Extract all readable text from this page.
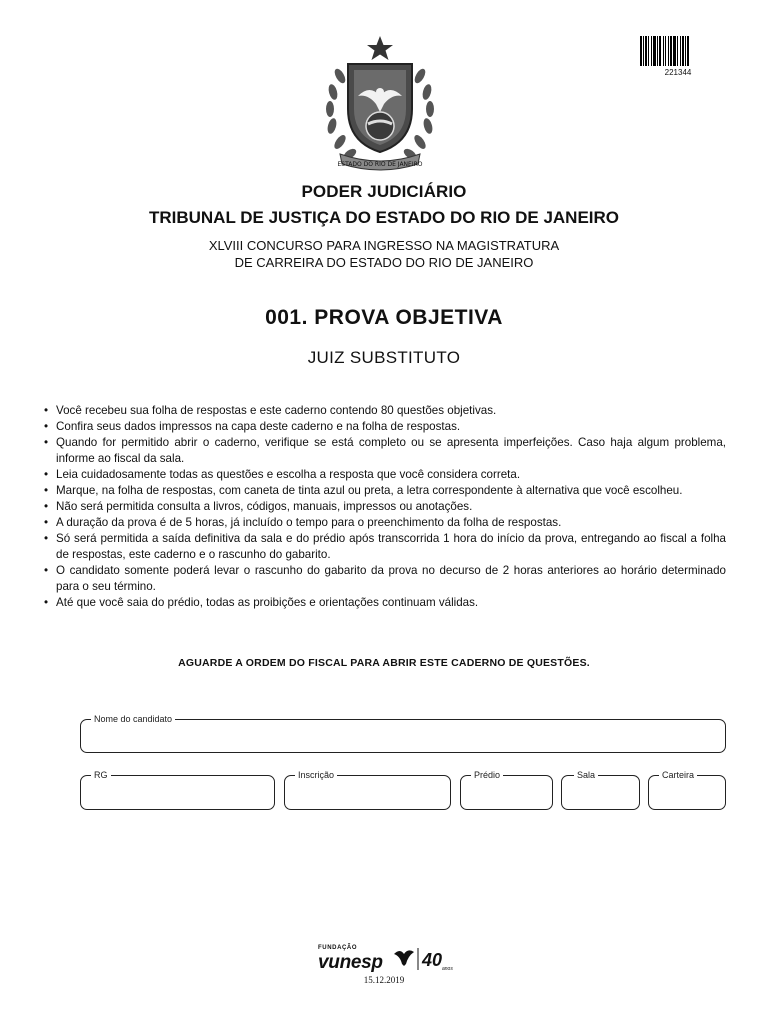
221344
ESTADO DO RIO DE JANEIRO
PODER JUDICIÁRIO
TRIBUNAL DE JUSTIÇA DO ESTADO DO RIO DE JANEIRO
XLVIII CONCURSO PARA INGRESSO NA MAGISTRATURA
DE CARREIRA DO ESTADO DO RIO DE JANEIRO
001. PROVA OBJETIVA
JUIZ SUBSTITUTO
• Você recebeu sua folha de respostas e este caderno contendo 80 questões objetivas.
• Confira seus dados impressos na capa deste caderno e na folha de respostas.
• Quando for permitido abrir o caderno, verifique se está completo ou se apresenta imperfeições. Caso haja algum problema, informe ao fiscal da sala.
• Leia cuidadosamente todas as questões e escolha a resposta que você considera correta.
• Marque, na folha de respostas, com caneta de tinta azul ou preta, a letra correspondente à alternativa que você escolheu.
• Não será permitida consulta a livros, códigos, manuais, impressos ou anotações.
• A duração da prova é de 5 horas, já incluído o tempo para o preenchimento da folha de respostas.
• Só será permitida a saída definitiva da sala e do prédio após transcorrida 1 hora do início da prova, entregando ao fiscal a folha de respostas, este caderno e o rascunho do gabarito.
• O candidato somente poderá levar o rascunho do gabarito da prova no decurso de 2 horas anteriores ao horário determinado para o seu término.
• Até que você saia do prédio, todas as proibições e orientações continuam válidas.
AGUARDE A ORDEM DO FISCAL PARA ABRIR ESTE CADERNO DE QUESTÕES.
Nome do candidato
RG	Inscrição	Prédio	Sala	Carteira
FUNDAÇÃO
vunesp 40 anos
15.12.2019
